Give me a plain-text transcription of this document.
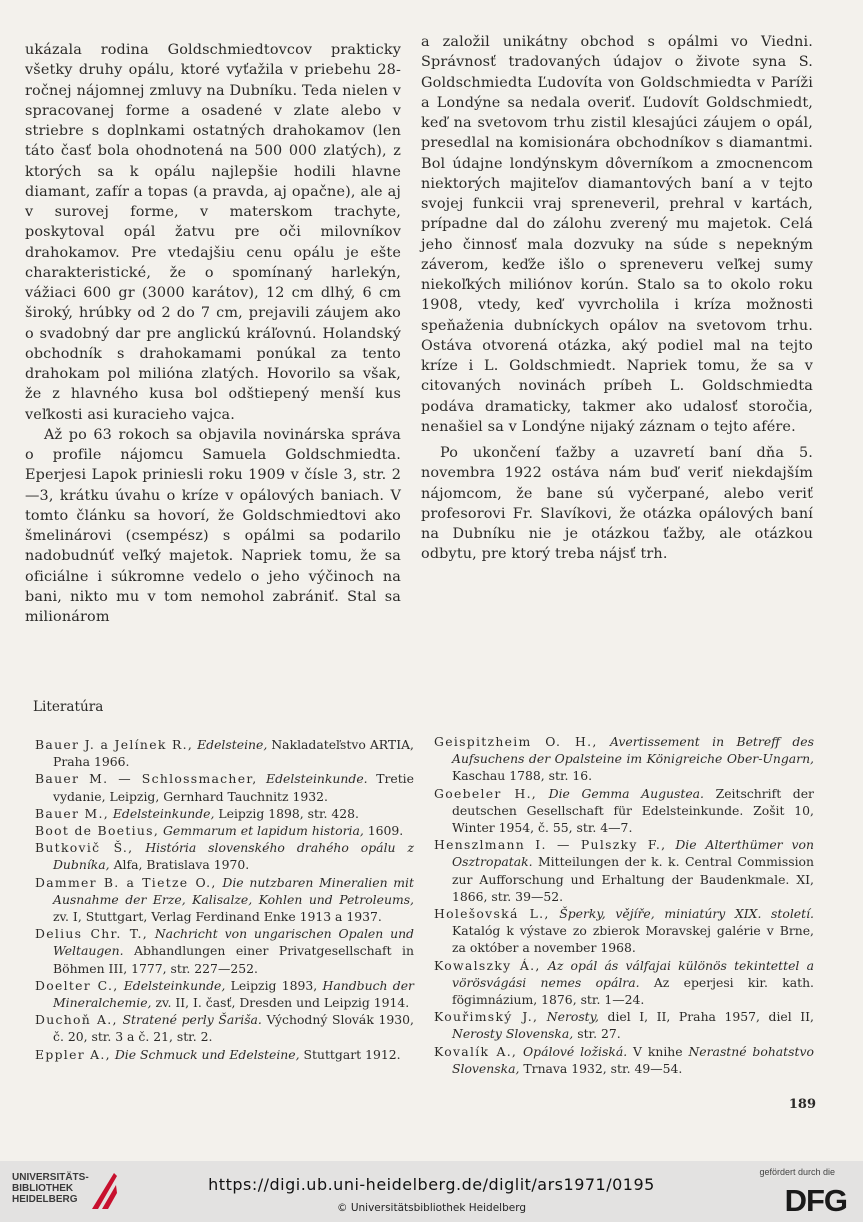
ukázala rodina Goldschmiedtovcov prakticky všetky druhy opálu, ktoré vyťažila v priebehu 28-ročnej nájomnej zmluvy na Dubníku. Teda nielen v spracovanej forme a osadené v zlate alebo v striebre s doplnkami ostatných drahokamov (len táto časť bola ohodnotená na 500 000 zlatých), z ktorých sa k opálu najlepšie hodili hlavne diamant, zafír a topas (a pravda, aj opačne), ale aj v surovej forme, v materskom trachyte, poskytoval opál žatvu pre oči milovníkov drahokamov. Pre vtedajšiu cenu opálu je ešte charakteristické, že o spomínaný harlekýn, vážiaci 600 gr (3000 karátov), 12 cm dlhý, 6 cm široký, hrúbky od 2 do 7 cm, prejavili záujem ako o svadobný dar pre anglickú kráľovnú. Holandský obchodník s drahokamami ponúkal za tento drahokam pol milióna zlatých. Hovorilo sa však, že z hlavného kusa bol odštiepený menší kus veľkosti asi kuracieho vajca.

Až po 63 rokoch sa objavila novinárska správa o profile nájomcu Samuela Goldschmiedta. Eperjesi Lapok priniesli roku 1909 v čísle 3, str. 2—3, krátku úvahu o kríze v opálových baniach. V tomto článku sa hovorí, že Goldschmiedtovi ako šmelinárovi (csempész) s opálmi sa podarilo nadobudnúť veľký majetok. Napriek tomu, že sa oficiálne i súkromne vedelo o jeho výčinoch na bani, nikto mu v tom nemohol zabrániť. Stal sa milionárom

a založil unikátny obchod s opálmi vo Viedni. Správnosť tradovaných údajov o živote syna S. Goldschmiedta Ľudovíta von Goldschmiedta v Paríži a Londýne sa nedala overiť. Ľudovít Goldschmiedt, keď na svetovom trhu zistil klesajúci záujem o opál, presedlal na komisionára obchodníkov s diamantmi. Bol údajne londýnskym dôverníkom a zmocnencom niektorých majiteľov diamantových baní a v tejto svojej funkcii vraj spreneveril, prehral v kartách, prípadne dal do zálohu zverený mu majetok. Celá jeho činnosť mala dozvuky na súde s nepekným záverom, keďže išlo o sprenevеru veľkej sumy niekoľkých miliónov korún. Stalo sa to okolo roku 1908, vtedy, keď vyvrcholila i kríza možnosti speňaženia dubníckych opálov na svetovom trhu. Ostáva otvorená otázka, aký podiel mal na tejto kríze i L. Goldschmiedt. Napriek tomu, že sa v citovaných novinách príbeh L. Goldschmiedta podáva dramaticky, takmer ako udalosť storočia, nenašiel sa v Londýne nijaký záznam o tejto afére.

Po ukončení ťažby a uzavretí baní dňa 5. novembra 1922 ostáva nám buď veriť niekdajším nájomcom, že bane sú vyčerpané, alebo veriť profesorovi Fr. Slavíkovi, že otázka opálových baní na Dubníku nie je otázkou ťažby, ale otázkou odbytu, pre ktorý treba nájsť trh.

Literatúra
Bauer J. a Jelínek R., Edelsteine, Nakladateľstvo ARTIA, Praha 1966.
Bauer M. — Schlossmacher, Edelsteinkunde. Tretie vydanie, Leipzig, Gernhard Tauchnitz 1932.
Bauer M., Edelsteinkunde, Leipzig 1898, str. 428.
Boot de Boetius, Gemmarum et lapidum historia, 1609.
Butkovič Š., História slovenského drahého opálu z Dubníka, Alfa, Bratislava 1970.
Dammer B. a Tietze O., Die nutzbaren Mineralien mit Ausnahme der Erze, Kalisalze, Kohlen und Petroleums, zv. I, Stuttgart, Verlag Ferdinand Enke 1913 a 1937.
Delius Chr. T., Nachricht von ungarischen Opalen und Weltaugen. Abhandlungen einer Privatgesellschaft in Böhmen III, 1777, str. 227—252.
Doelter C., Edelsteinkunde, Leipzig 1893, Handbuch der Mineralchemie, zv. II, I. časť, Dresden und Leipzig 1914.
Duchoň A., Stratené perly Šariša. Východný Slovák 1930, č. 20, str. 3 a č. 21, str. 2.
Eppler A., Die Schmuck und Edelsteine, Stuttgart 1912.
Geispitzheim O. H., Avertissement in Betreff des Aufsuchens der Opalsteine im Königreiche Ober-Ungarn, Kaschau 1788, str. 16.
Goebeler H., Die Gemma Augustea. Zeitschrift der deutschen Gesellschaft für Edelsteinkunde. Zošit 10, Winter 1954, č. 55, str. 4—7.
Henszlmann I. — Pulszky F., Die Alterthümer von Osztropatak. Mitteilungen der k. k. Central Commission zur Aufforschung und Erhaltung der Baudenkmale. XI, 1866, str. 39—52.
Holešovská L., Šperky, vějíře, miniatúry XIX. století. Katalóg k výstave zo zbierok Moravskej galérie v Brne, za október a november 1968.
Kowalszky Á., Az opál ás válfajai különös tekintettel a vörösvágási nemes opálra. Az eperjesi kir. kath. fögimnázium, 1876, str. 1—24.
Kouřimský J., Nerosty, diel I, II, Praha 1957, diel II, Nerosty Slovenska, str. 27.
Kovalík A., Opálové ložiská. V knihe Nerastné bohatstvo Slovenska, Trnava 1932, str. 49—54.
189
UNIVERSITÄTS-
BIBLIOTHEK
HEIDELBERG
https://digi.ub.uni-heidelberg.de/diglit/ars1971/0195
© Universitätsbibliothek Heidelberg
gefördert durch die
DFG
